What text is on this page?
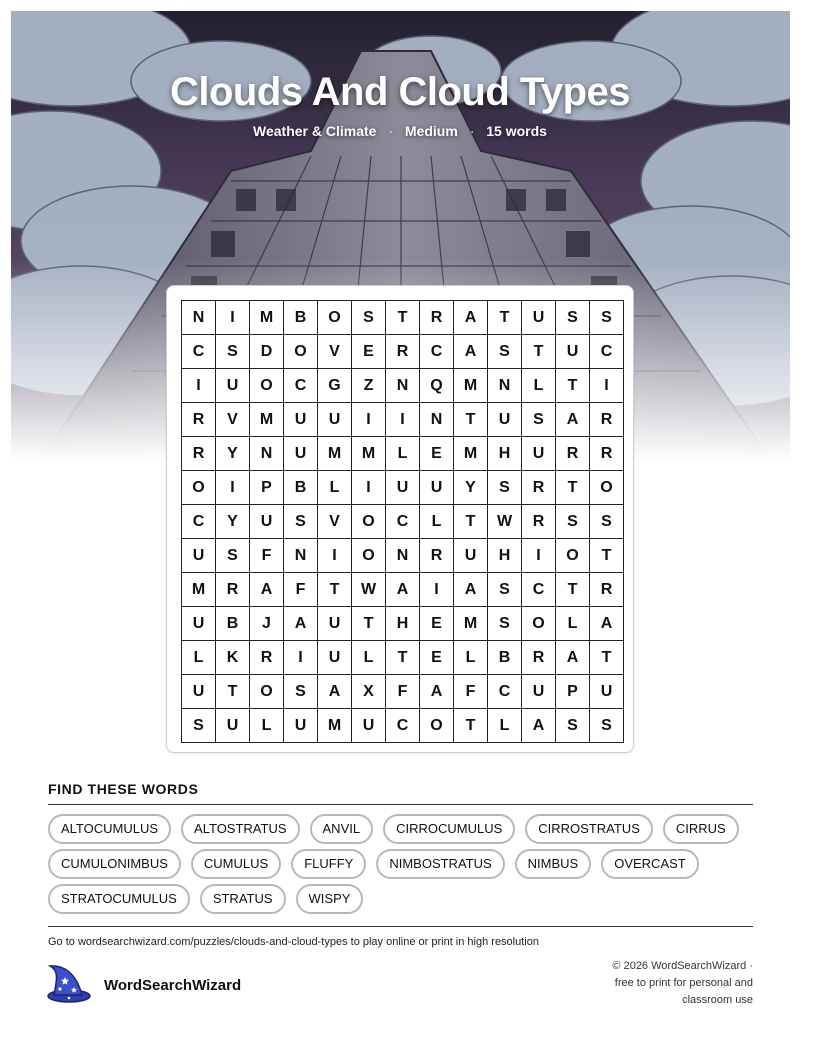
Clouds And Cloud Types
Weather & Climate · Medium · 15 words
N	I	M	B	O	S	T	R	A	T	U	S	S
C	S	D	O	V	E	R	C	A	S	T	U	C
I	U	O	C	G	Z	N	Q	M	N	L	T	I
R	V	M	U	U	I	I	N	T	U	S	A	R
R	Y	N	U	M	M	L	E	M	H	U	R	R
O	I	P	B	L	I	U	U	Y	S	R	T	O
C	Y	U	S	V	O	C	L	T	W	R	S	S
U	S	F	N	I	O	N	R	U	H	I	O	T
M	R	A	F	T	W	A	I	A	S	C	T	R
U	B	J	A	U	T	H	E	M	S	O	L	A
L	K	R	I	U	L	T	E	L	B	R	A	T
U	T	O	S	A	X	F	A	F	C	U	P	U
S	U	L	U	M	U	C	O	T	L	A	S	S
FIND THESE WORDS
ALTOCUMULUS	ALTOSTRATUS	ANVIL	CIRROCUMULUS	CIRROSTRATUS	CIRRUS
CUMULONIMBUS	CUMULUS	FLUFFY	NIMBOSTRATUS	NIMBUS	OVERCAST
STRATOCUMULUS	STRATUS	WISPY
Go to wordsearchwizard.com/puzzles/clouds-and-cloud-types to play online or print in high resolution
WordSearchWizard
© 2026 WordSearchWizard ·
free to print for personal and
classroom use
